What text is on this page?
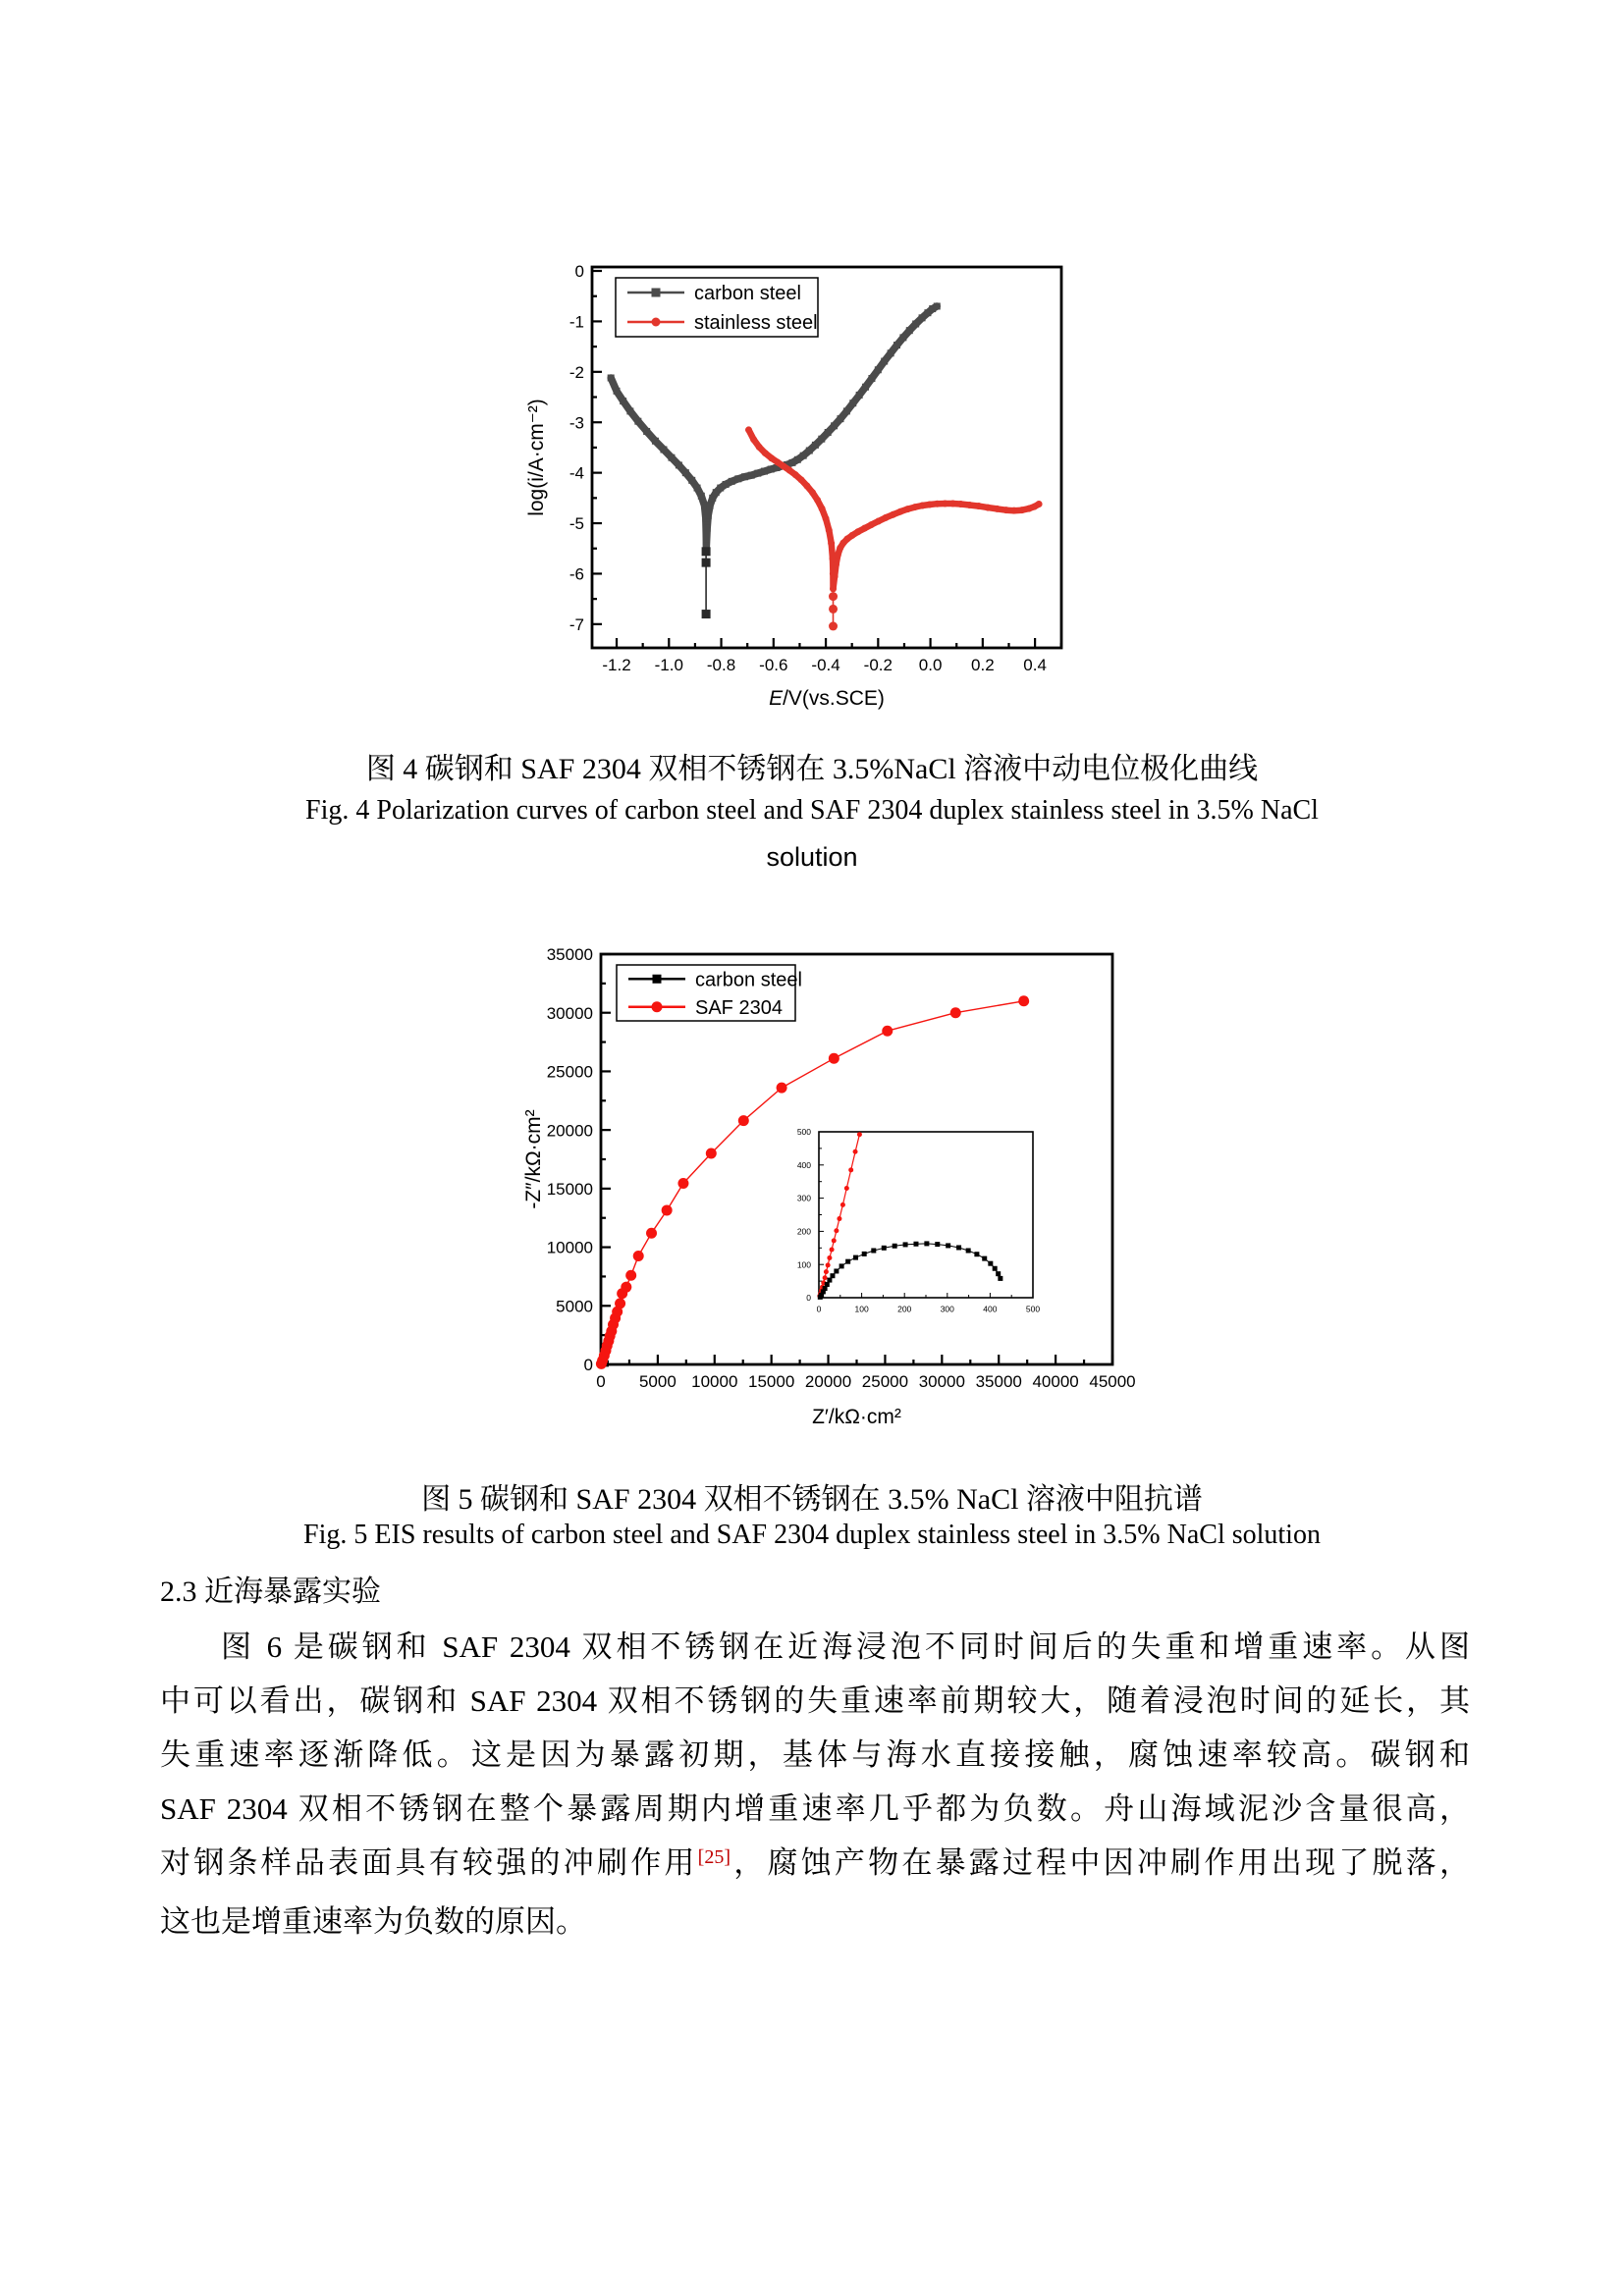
-1.2 -1.0 -0.8 -0.6 -0.4 -0.2 0.0 0.2 0.4
0
-1
-2
-3
-4
-5
-6
-7
E/V(vs.SCE)
log(i/A·cm⁻²)
carbon steel
stainless steel
图 4 碳钢和 SAF 2304 双相不锈钢在 3.5%NaCl 溶液中动电位极化曲线
Fig. 4 Polarization curves of carbon steel and SAF 2304 duplex stainless steel in 3.5% NaCl
solution
0 5000 10000 15000 20000 25000 30000 35000 40000 45000
0
5000
10000
15000
20000
25000
30000
35000
Z′/kΩ·cm²
-Z″/kΩ·cm²
carbon steel
SAF 2304
0	100	200	300	400	500
0
100
200
300
400
500
图 5 碳钢和 SAF 2304 双相不锈钢在 3.5% NaCl 溶液中阻抗谱
Fig. 5 EIS results of carbon steel and SAF 2304 duplex stainless steel in 3.5% NaCl solution
2.3 近海暴露实验
图 6 是碳钢和 SAF 2304 双相不锈钢在近海浸泡不同时间后的失重和增重速率。从图
中可以看出，碳钢和 SAF 2304 双相不锈钢的失重速率前期较大，随着浸泡时间的延长，其
失重速率逐渐降低。这是因为暴露初期，基体与海水直接接触，腐蚀速率较高。碳钢和
SAF 2304 双相不锈钢在整个暴露周期内增重速率几乎都为负数。舟山海域泥沙含量很高，
对钢条样品表面具有较强的冲刷作用[25]，腐蚀产物在暴露过程中因冲刷作用出现了脱落，
这也是增重速率为负数的原因。
